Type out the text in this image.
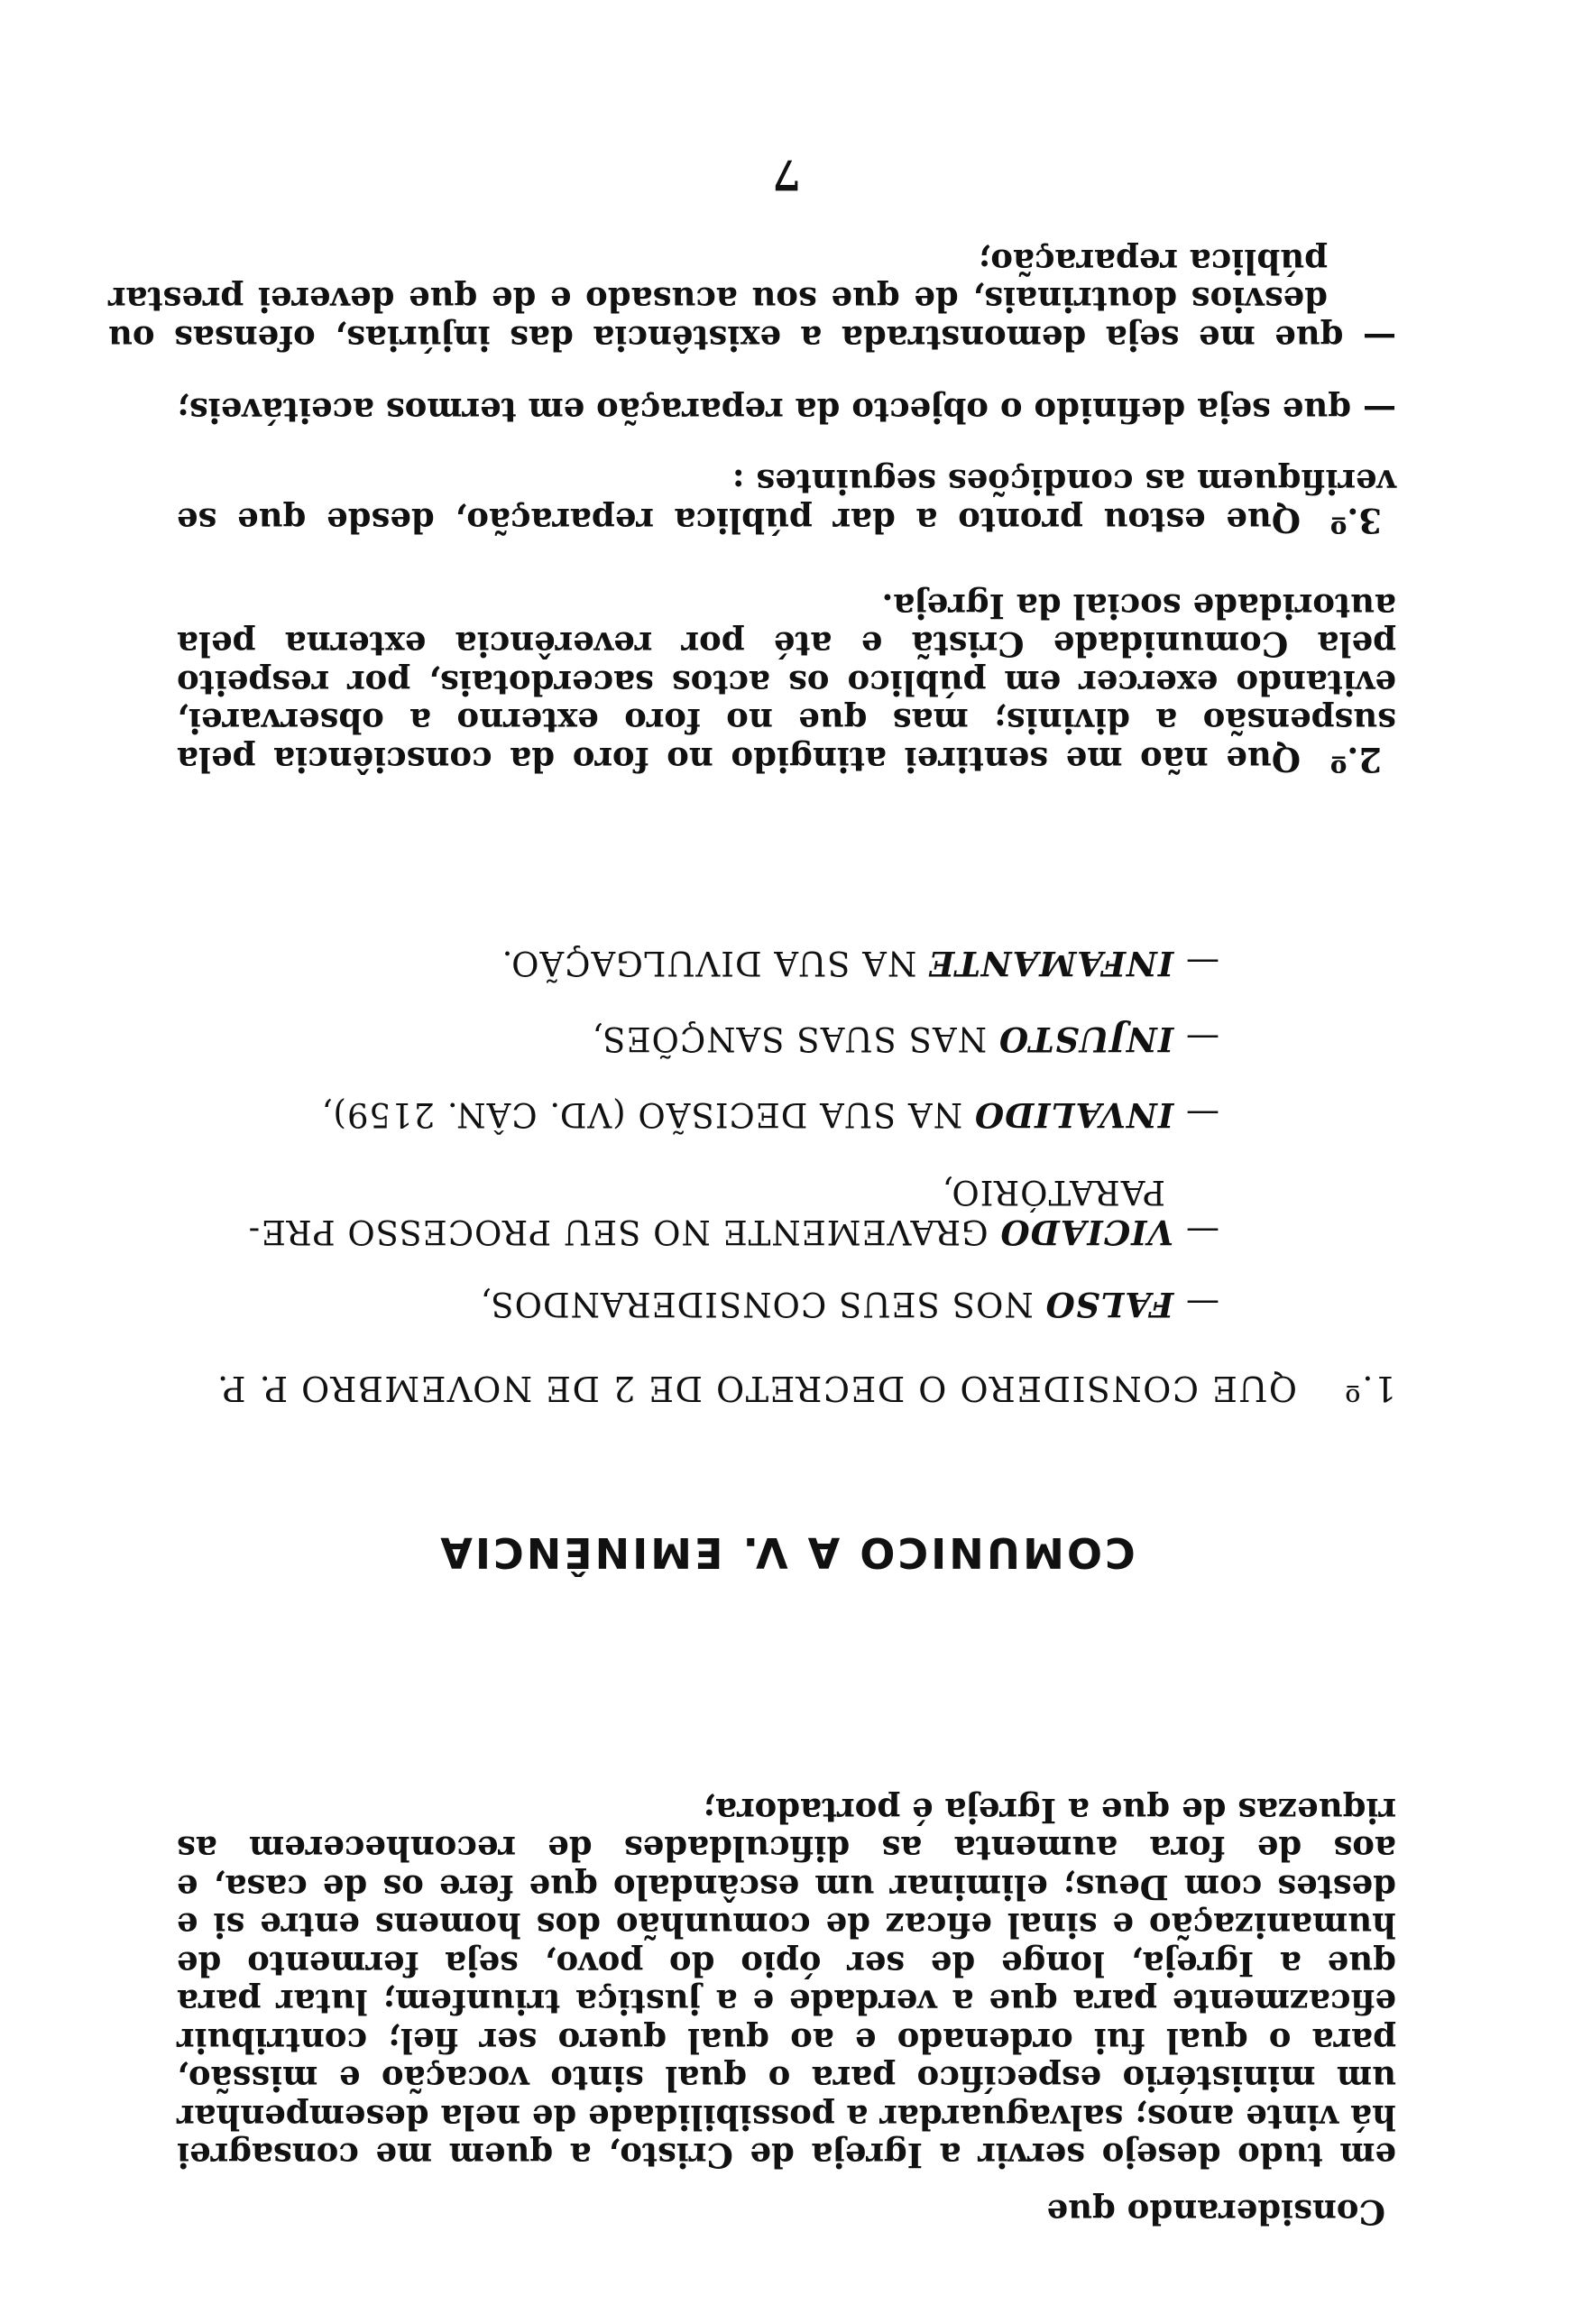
Considerando que

em tudo desejo servir a Igreja de Cristo, a quem me consagrei há vinte anos; salvaguardar a possibilidade de nela desempenhar um ministério específico para o qual sinto vocação e missão, para o qual fui ordenado e ao qual quero ser fiel; contribuir eficazmente para que a verdade e a justiça triunfem; lutar para que a Igreja, longe de ser ópio do povo, seja fermento de humanização e sinal eficaz de comunhão dos homens entre si e destes com Deus; eliminar um escândalo que fere os de casa, e aos de fora aumenta as dificuldades de reconhecerem as riquezas de que a Igreja é portadora;

COMUNICO A V. EMINÊNCIA

1.ºQUE CONSIDERO O DECRETO DE 2 DE NOVEMBRO P. P.

— FALSO NOS SEUS CONSIDERANDOS,
— VICIADO GRAVEMENTE NO SEU PROCESSO PRE-PARATÓRIO,
— INVALIDO NA SUA DECISÃO (VD. CÂN. 2159),
— INJUSTO NAS SUAS SANÇÕES,
— INFAMANTE NA SUA DIVULGAÇÃO.

2.ºQue não me sentirei atingido no foro da consciência pela suspensão a divinis; mas que no foro externo a observarei, evitando exercer em público os actos sacerdotais, por respeito pela Comunidade Cristã e até por reverência externa pela autoridade social da Igreja.

3.ºQue estou pronto a dar pública reparação, desde que se verifiquem as condições seguintes :

— que seja definido o objecto da reparação em termos aceitáveis;
— que me seja demonstrada a existência das injúrias, ofensas ou desvios doutrinais, de que sou acusado e de que deverei prestar pública reparação;
7
